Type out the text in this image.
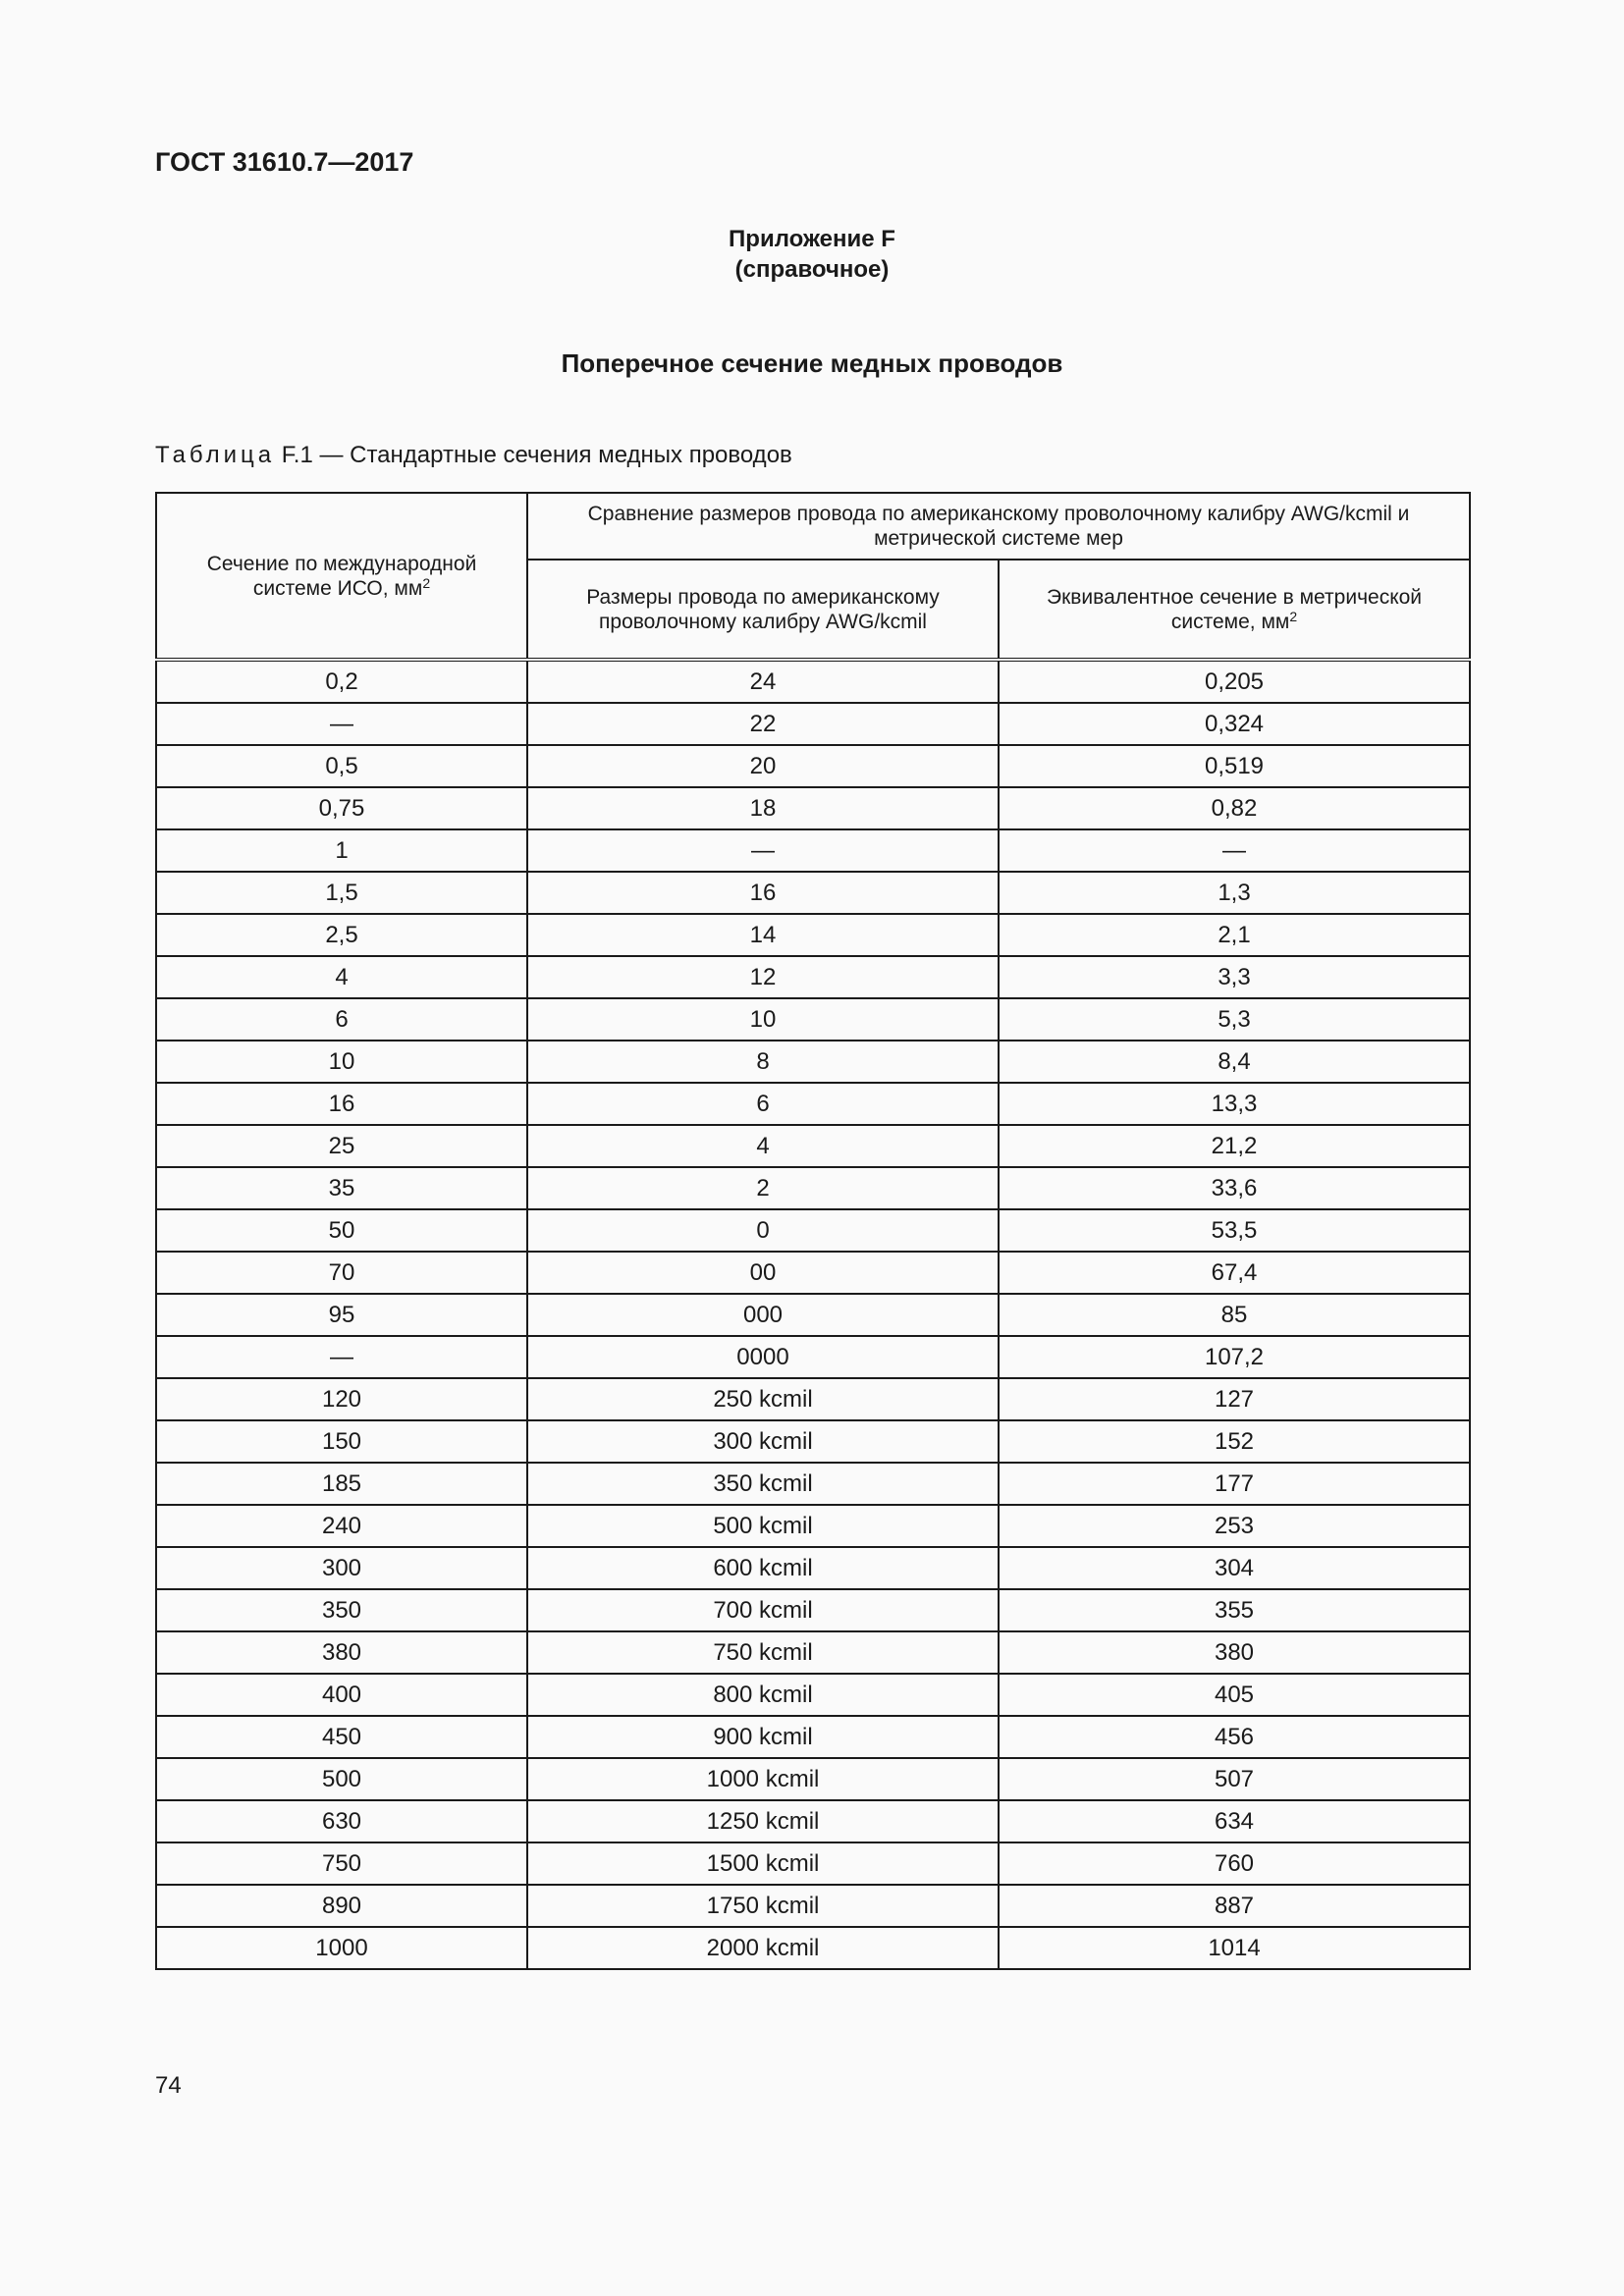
ГОСТ 31610.7—2017
Приложение F
(справочное)
Поперечное сечение медных проводов
Таблица F.1 — Стандартные сечения медных проводов
Сечение по международной системе ИСО, $мм^2$	Сравнение размеров провода по американскому проволочному калибру AWG/kcmil и метрической системе мер	
	Размеры провода по американскому проволочному калибру AWG/kcmil	Эквивалентное сечение в метрической системе, $мм^2$
0,2	24	0,205
—	22	0,324
0,5	20	0,519
0,75	18	0,82
1	—	—
1,5	16	1,3
2,5	14	2,1
4	12	3,3
6	10	5,3
10	8	8,4
16	6	13,3
25	4	21,2
35	2	33,6
50	0	53,5
70	00	67,4
95	000	85
—	0000	107,2
120	250 kcmil	127
150	300 kcmil	152
185	350 kcmil	177
240	500 kcmil	253
300	600 kcmil	304
350	700 kcmil	355
380	750 kcmil	380
400	800 kcmil	405
450	900 kcmil	456
500	1000 kcmil	507
630	1250 kcmil	634
750	1500 kcmil	760
890	1750 kcmil	887
1000	2000 kcmil	1014
74
